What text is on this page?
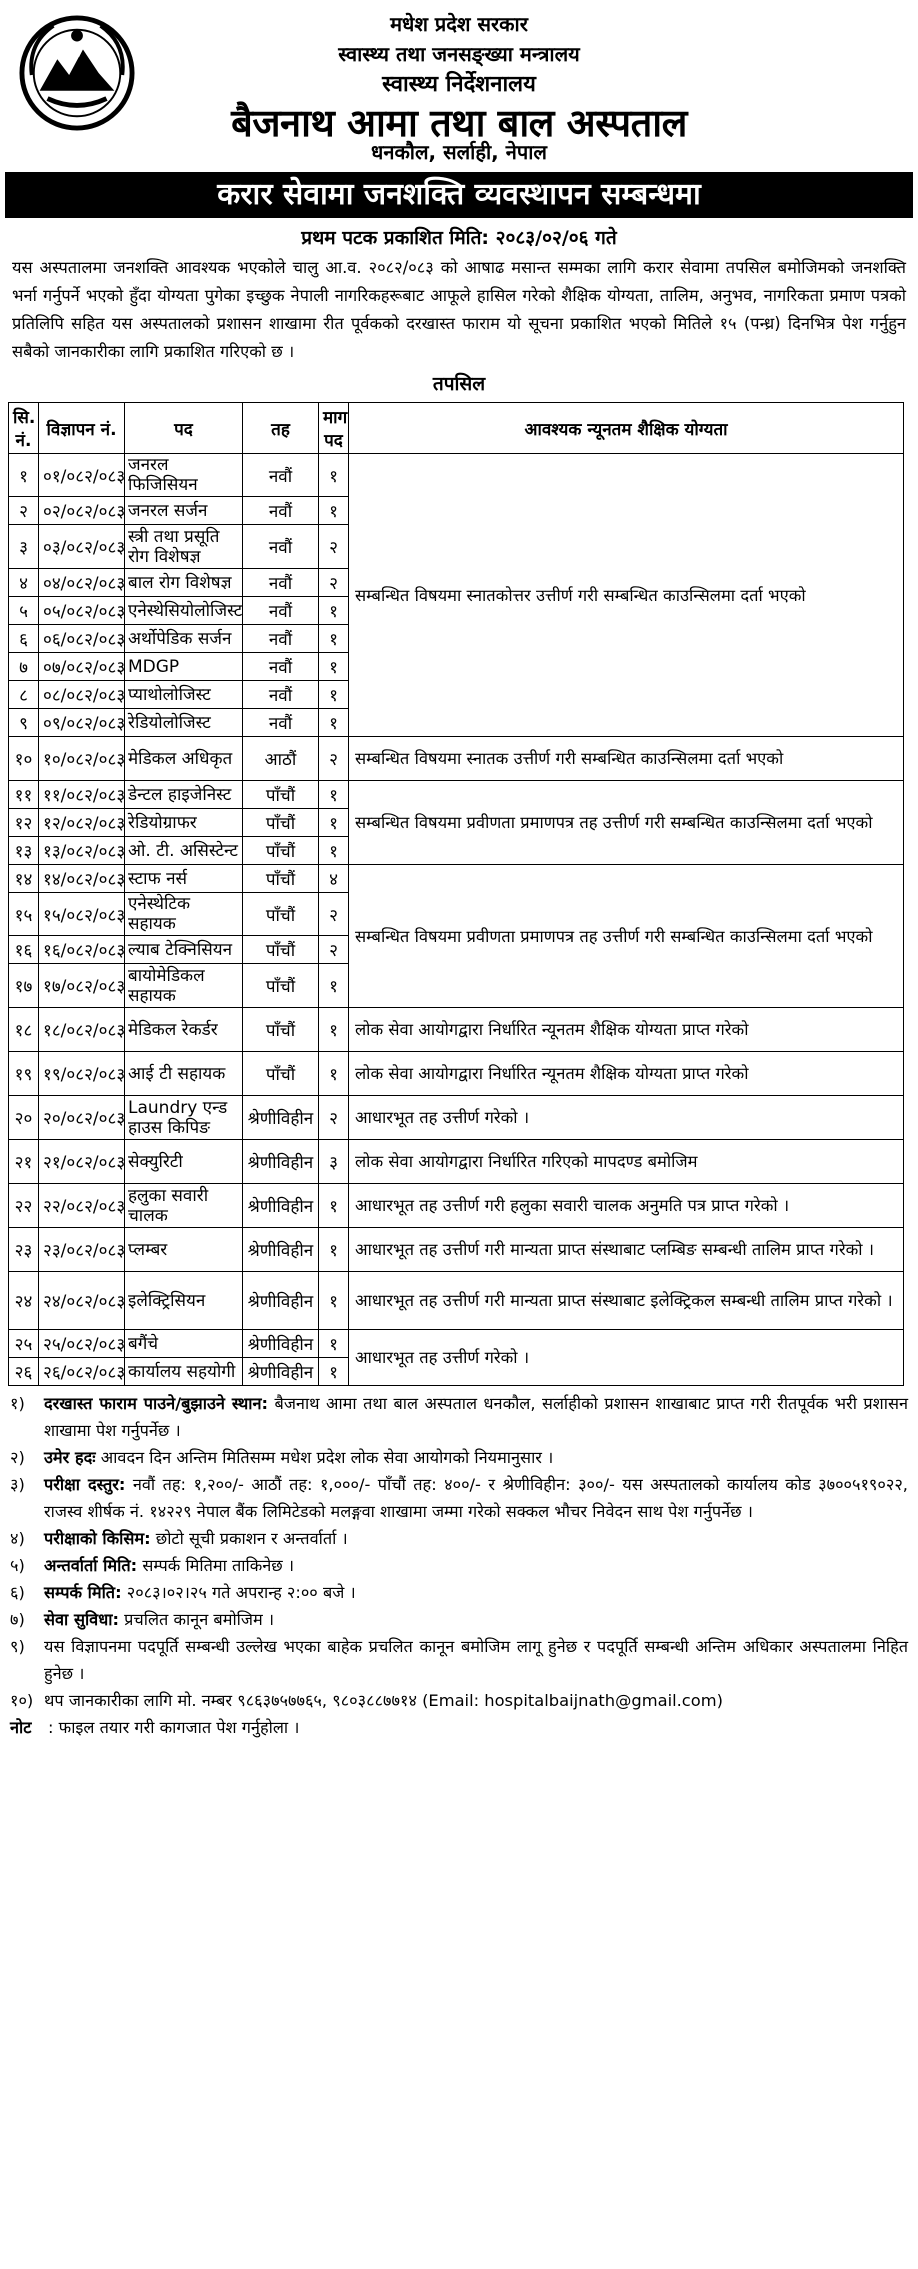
मधेश प्रदेश सरकार
स्वास्थ्य तथा जनसङ्ख्या मन्त्रालय
स्वास्थ्य निर्देशनालय
बैजनाथ आमा तथा बाल अस्पताल
धनकौल, सर्लाही, नेपाल
करार सेवामा जनशक्ति व्यवस्थापन सम्बन्धमा
प्रथम पटक प्रकाशित मिति: २०८३/०२/०६ गते
यस अस्पतालमा जनशक्ति आवश्यक भएकोले चालु आ.व. २०८२/०८३ को आषाढ मसान्त सम्मका लागि करार सेवामा तपसिल बमोजिमको जनशक्ति भर्ना गर्नुपर्ने भएको हुँदा योग्यता पुगेका इच्छुक नेपाली नागरिकहरूबाट आफूले हासिल गरेको शैक्षिक योग्यता, तालिम, अनुभव, नागरिकता प्रमाण पत्रको प्रतिलिपि सहित यस अस्पतालको प्रशासन शाखामा रीत पूर्वकको दरखास्त फाराम यो सूचना प्रकाशित भएको मितिले १५ (पन्ध्र) दिनभित्र पेश गर्नुहुन सबैको जानकारीका लागि प्रकाशित गरिएको छ ।
तपसिल
सि. नं.	विज्ञापन नं.	पद	तह	माग पद	आवश्यक न्यूनतम शैक्षिक योग्यता
१	०१/०८२/०८३	जनरल फिजिसियन	नवौं	१	सम्बन्धित विषयमा स्नातकोत्तर उत्तीर्ण गरी सम्बन्धित काउन्सिलमा दर्ता भएको
२	०२/०८२/०८३	जनरल सर्जन	नवौं	१	
३	०३/०८२/०८३	स्त्री तथा प्रसूति रोग विशेषज्ञ	नवौं	२	
४	०४/०८२/०८३	बाल रोग विशेषज्ञ	नवौं	२	
५	०५/०८२/०८३	एनेस्थेसियोलोजिस्ट	नवौं	१	
६	०६/०८२/०८३	अर्थोपेडिक सर्जन	नवौं	१	
७	०७/०८२/०८३	MDGP	नवौं	१	
८	०८/०८२/०८३	प्याथोलोजिस्ट	नवौं	१	
९	०९/०८२/०८३	रेडियोलोजिस्ट	नवौं	१	
१०	१०/०८२/०८३	मेडिकल अधिकृत	आठौं	२	सम्बन्धित विषयमा स्नातक उत्तीर्ण गरी सम्बन्धित काउन्सिलमा दर्ता भएको
११	११/०८२/०८३	डेन्टल हाइजेनिस्ट	पाँचौं	१	सम्बन्धित विषयमा प्रवीणता प्रमाणपत्र तह उत्तीर्ण गरी सम्बन्धित काउन्सिलमा दर्ता भएको
१२	१२/०८२/०८३	रेडियोग्राफर	पाँचौं	१	
१३	१३/०८२/०८३	ओ. टी. असिस्टेन्ट	पाँचौं	१	
१४	१४/०८२/०८३	स्टाफ नर्स	पाँचौं	४	सम्बन्धित विषयमा प्रवीणता प्रमाणपत्र तह उत्तीर्ण गरी सम्बन्धित काउन्सिलमा दर्ता भएको
१५	१५/०८२/०८३	एनेस्थेटिक सहायक	पाँचौं	२	
१६	१६/०८२/०८३	ल्याब टेक्निसियन	पाँचौं	२	
१७	१७/०८२/०८३	बायोमेडिकल सहायक	पाँचौं	१	
१८	१८/०८२/०८३	मेडिकल रेकर्डर	पाँचौं	१	लोक सेवा आयोगद्वारा निर्धारित न्यूनतम शैक्षिक योग्यता प्राप्त गरेको
१९	१९/०८२/०८३	आई टी सहायक	पाँचौं	१	लोक सेवा आयोगद्वारा निर्धारित न्यूनतम शैक्षिक योग्यता प्राप्त गरेको
२०	२०/०८२/०८३	Laundry एन्ड हाउस किपिङ	श्रेणीविहीन	२	आधारभूत तह उत्तीर्ण गरेको ।
२१	२१/०८२/०८३	सेक्युरिटी	श्रेणीविहीन	३	लोक सेवा आयोगद्वारा निर्धारित गरिएको मापदण्ड बमोजिम
२२	२२/०८२/०८३	हलुका सवारी चालक	श्रेणीविहीन	१	आधारभूत तह उत्तीर्ण गरी हलुका सवारी चालक अनुमति पत्र प्राप्त गरेको ।
२३	२३/०८२/०८३	प्लम्बर	श्रेणीविहीन	१	आधारभूत तह उत्तीर्ण गरी मान्यता प्राप्त संस्थाबाट प्लम्बिङ सम्बन्धी तालिम प्राप्त गरेको ।
२४	२४/०८२/०८३	इलेक्ट्रिसियन	श्रेणीविहीन	१	आधारभूत तह उत्तीर्ण गरी मान्यता प्राप्त संस्थाबाट इलेक्ट्रिकल सम्बन्धी तालिम प्राप्त गरेको ।
२५	२५/०८२/०८३	बगैंचे	श्रेणीविहीन	१	आधारभूत तह उत्तीर्ण गरेको ।
२६	२६/०८२/०८३	कार्यालय सहयोगी	श्रेणीविहीन	१	
१)	दरखास्त फाराम पाउने/बुझाउने स्थान: बैजनाथ आमा तथा बाल अस्पताल धनकौल, सर्लाहीको प्रशासन शाखाबाट प्राप्त गरी रीतपूर्वक भरी प्रशासन शाखामा पेश गर्नुपर्नेछ ।
२)	उमेर हदः आवदन दिन अन्तिम मितिसम्म मधेश प्रदेश लोक सेवा आयोगको नियमानुसार ।
३)	परीक्षा दस्तुर: नवौं तह: १,२००/- आठौं तह: १,०००/- पाँचौं तह: ४००/- र श्रेणीविहीन: ३००/- यस अस्पतालको कार्यालय कोड ३७००५१९०२२, राजस्व शीर्षक नं. १४२२९ नेपाल बैंक लिमिटेडको मलङ्गवा शाखामा जम्मा गरेको सक्कल भौचर निवेदन साथ पेश गर्नुपर्नेछ ।
४)	परीक्षाको किसिम: छोटो सूची प्रकाशन र अन्तर्वार्ता ।
५)	अन्तर्वार्ता मिति: सम्पर्क मितिमा ताकिनेछ ।
६)	सम्पर्क मिति: २०८३।०२।२५ गते अपरान्ह २:०० बजे ।
७)	सेवा सुविधा: प्रचलित कानून बमोजिम ।
९)	यस विज्ञापनमा पदपूर्ति सम्बन्धी उल्लेख भएका बाहेक प्रचलित कानून बमोजिम लागू हुनेछ र पदपूर्ति सम्बन्धी अन्तिम अधिकार अस्पतालमा निहित हुनेछ ।
१०) थप जानकारीका लागि मो. नम्बर ९८६३७५७७६५, ९८०३८८७७१४ (Email: hospitalbaijnath@gmail.com)
नोट	: फाइल तयार गरी कागजात पेश गर्नुहोला ।
